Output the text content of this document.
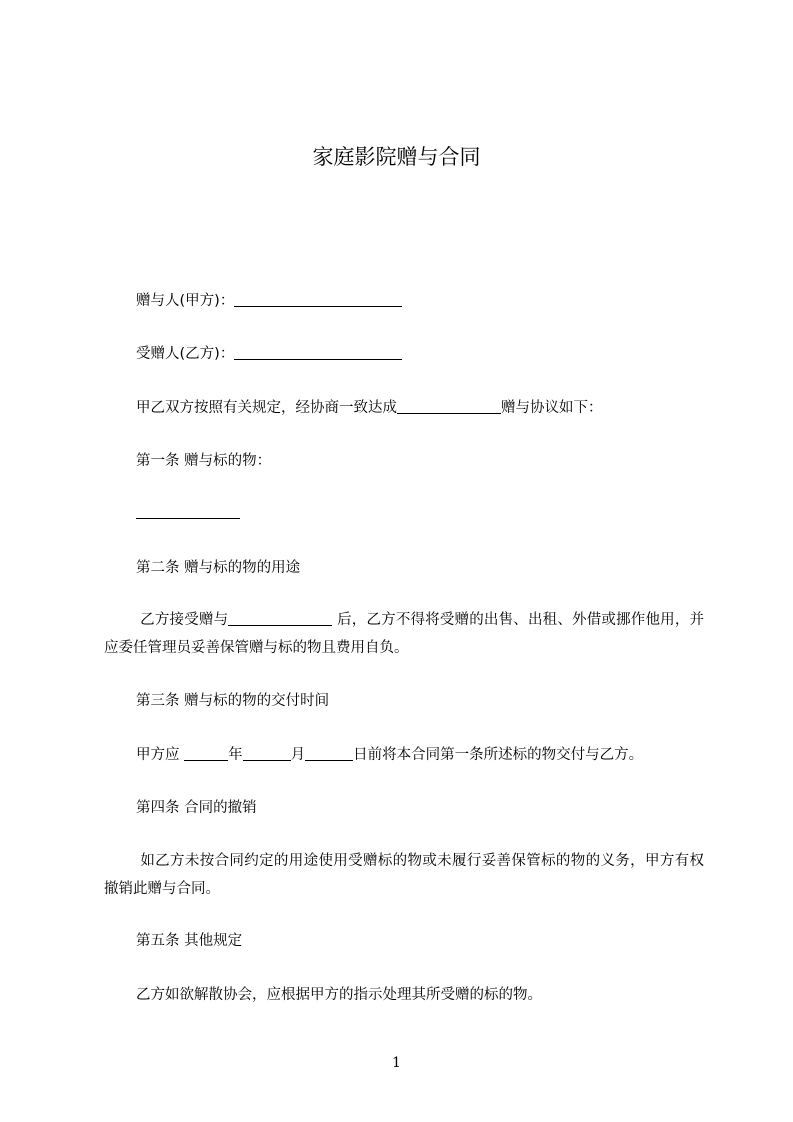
家庭影院赠与合同

赠与人(甲方)：

受赠人(乙方)：

甲乙双方按照有关规定，经协商一致达成	赠与协议如下：

第一条 赠与标的物：

第二条 赠与标的物的用途

乙方接受赠与	后，乙方不得将受赠的出售、出租、外借或挪作他用，并应委任管理员妥善保管赠与标的物且费用自负。

第三条 赠与标的物的交付时间

甲方应	年	月	日前将本合同第一条所述标的物交付与乙方。

第四条 合同的撤销

如乙方未按合同约定的用途使用受赠标的物或未履行妥善保管标的物的义务，甲方有权撤销此赠与合同。

第五条 其他规定

乙方如欲解散协会，应根据甲方的指示处理其所受赠的标的物。

1
